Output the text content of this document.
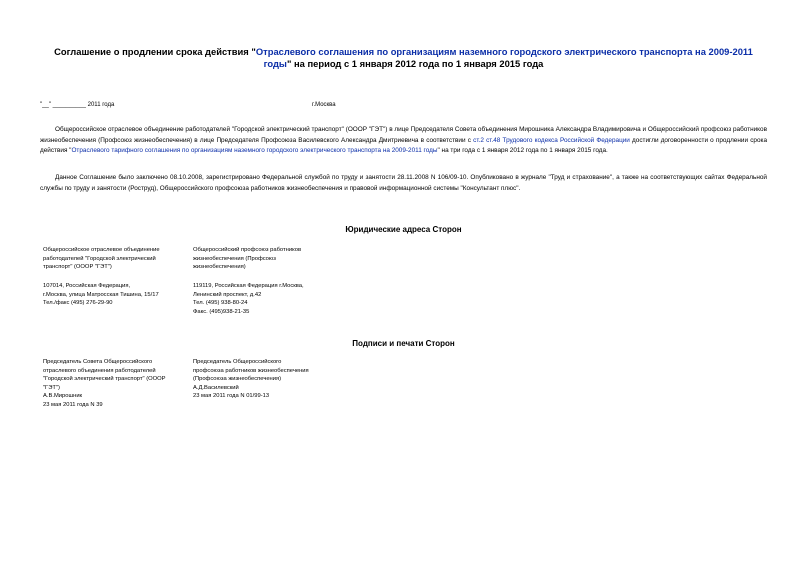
Соглашение о продлении срока действия "Отраслевого соглашения по организациям наземного городского электрического транспорта на 2009-2011 годы" на период с 1 января 2012 года по 1 января 2015 года
"__" __________ 2011 года	г.Москва
Общероссийское отраслевое объединение работодателей "Городской электрический транспорт" (ОООР "ГЭТ") в лице Председателя Совета объединения Мирошника Александра Владимировича и Общероссийский профсоюз работников жизнеобеспечения (Профсоюз жизнеобеспечения) в лице Председателя Профсоюза Василевского Александра Дмитриевича в соответствии с ст.2 ст.48 Трудового кодекса Российской Федерации достигли договоренности о продлении срока действия "Отраслевого тарифного соглашения по организациям наземного городского электрического транспорта на 2009-2011 годы" на три года с 1 января 2012 года по 1 января 2015 года.
Данное Соглашение было заключено 08.10.2008, зарегистрировано Федеральной службой по труду и занятости 28.11.2008 N 106/09-10. Опубликовано в журнале "Труд и страхование", а также на соответствующих сайтах Федеральной службы по труду и занятости (Роструд), Общероссийского профсоюза работников жизнеобеспечения и правовой информационной системы "Консультант плюс".
Юридические адреса Сторон
Общероссийское отраслевое объединение
работодателей "Городской электрический
транспорт" (ОООР "ГЭТ")
Общероссийский профсоюз работников
жизнеобеспечения (Профсоюз
жизнеобеспечения)
107014, Российская Федерация,
г.Москва, улица Матросская Тишина, 15/17
Тел./факс (495) 276-29-90
119119, Российская Федерация г.Москва,
Ленинский проспект, д.42
Тел. (495) 938-80-24
Факс. (495)938-21-35
Подписи и печати Сторон
Председатель Совета Общероссийского
отраслевого объединения работодателей
"Городской электрический транспорт" (ОООР
"ГЭТ")
А.В.Мирошник
23 мая 2011 года N 39
Председатель Общероссийского
профсоюза работников жизнеобеспечения
(Профсоюза жизнеобеспечения)
А.Д.Василевский
23 мая 2011 года N 01/99-13
